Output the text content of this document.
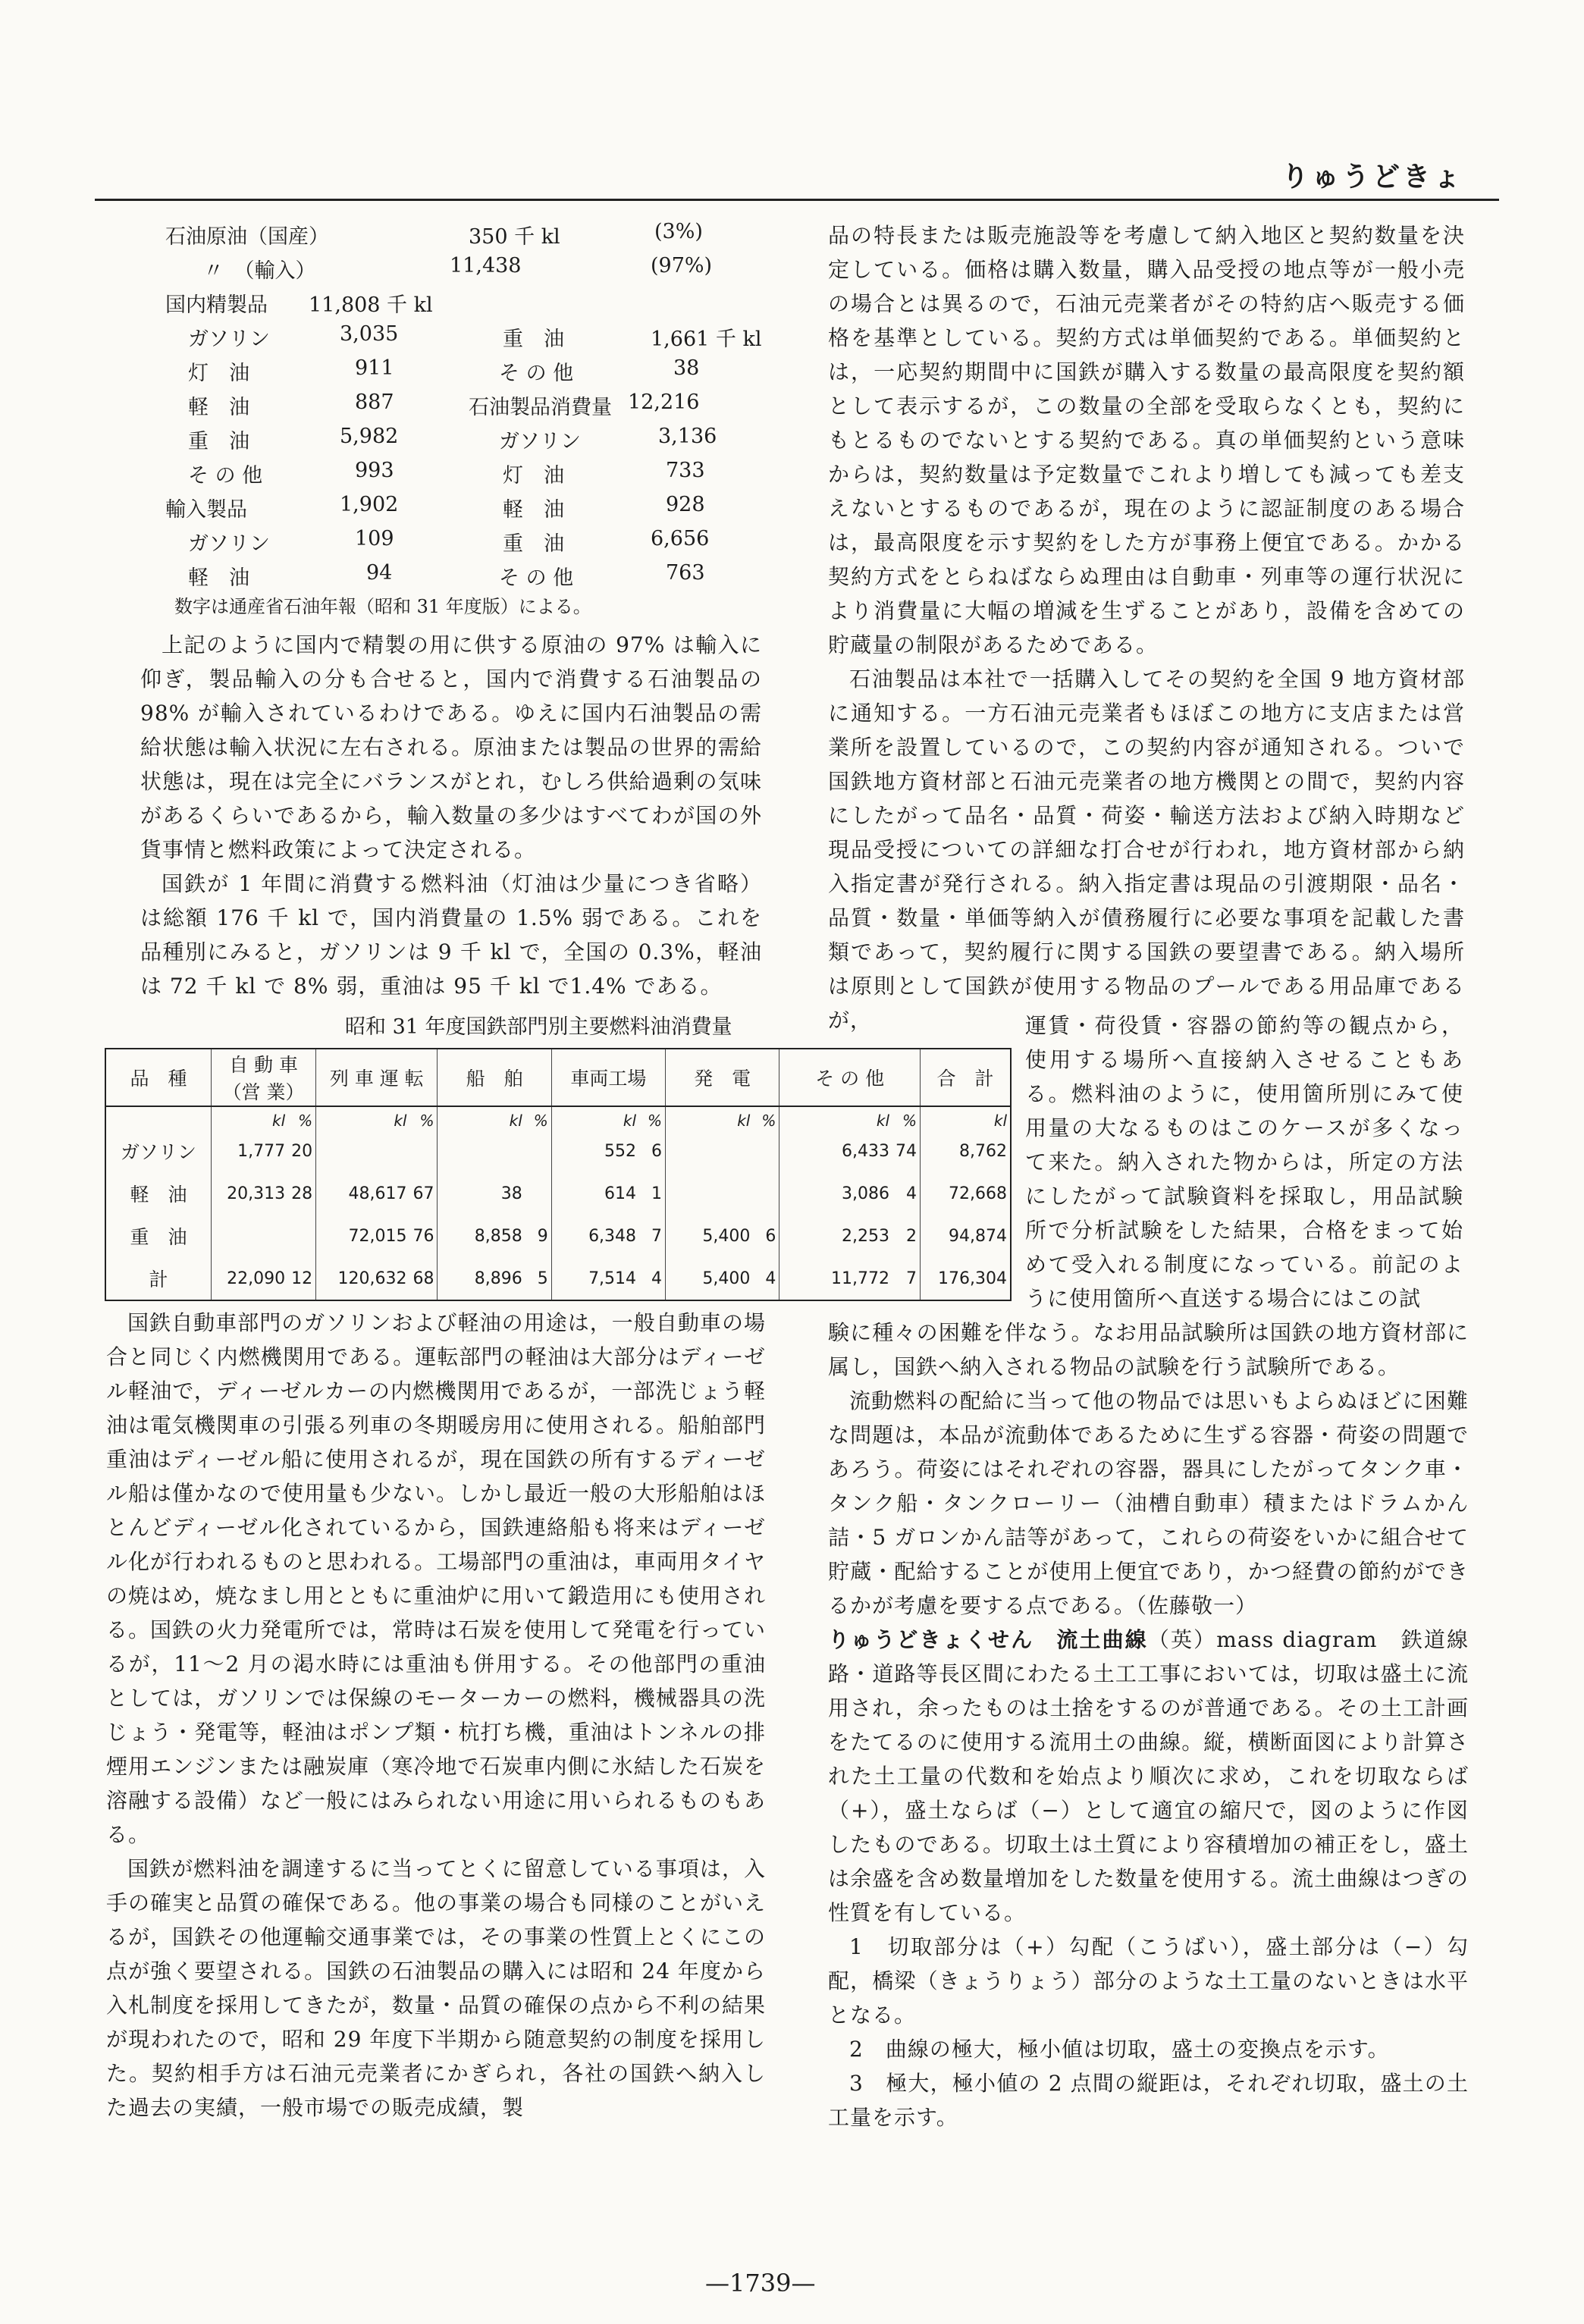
りゅうどきょ
石油原油（国産）	350 千 kl	(3%)
〃　（輸入）	11,438	(97%)
国内精製品　　11,808 千 kl
ガソリン	3,035	重　油	1,661 千 kl
灯　油	911	そ の 他	38
軽　油	887	石油製品消費量 12,216
重　油	5,982	ガソリン	3,136
そ の 他	993	灯　油	733
輸入製品	1,902	軽　油	928
ガソリン	109	重　油	6,656
軽　油	94	そ の 他	763
数字は通産省石油年報（昭和 31 年度版）による。

上記のように国内で精製の用に供する原油の 97% は輸入に仰ぎ，製品輸入の分も合せると，国内で消費する石油製品の 98% が輸入されているわけである。ゆえに国内石油製品の需給状態は輸入状況に左右される。原油または製品の世界的需給状態は，現在は完全にバランスがとれ，むしろ供給過剰の気味があるくらいであるから，輸入数量の多少はすべてわが国の外貨事情と燃料政策によって決定される。

国鉄が 1 年間に消費する燃料油（灯油は少量につき省略）は総額 176 千 kl で，国内消費量の 1.5% 弱である。これを品種別にみると，ガソリンは 9 千 kl で，全国の 0.3%，軽油は 72 千 kl で 8% 弱，重油は 95 千 kl で1.4% である。

昭和 31 年度国鉄部門別主要燃料油消費量
品　種	自 動 車（営 業）		列 車 運 転		船　舶		車両工場		発　電		そ の 他		合　計
	kl	%	kl	%	kl	%	kl	%	kl	%	kl	%	kl
ガソリン	1,777	20					552	6			6,433	74	8,762
軽　油	20,313	28	48,617	67	38		614	1			3,086	4	72,668
重　油			72,015	76	8,858	9	6,348	7	5,400	6	2,253	2	94,874
計	22,090	12	120,632	68	8,896	5	7,514	4	5,400	4	11,772	7	176,304

国鉄自動車部門のガソリンおよび軽油の用途は，一般自動車の場合と同じく内燃機関用である。運転部門の軽油は大部分はディーゼル軽油で，ディーゼルカーの内燃機関用であるが，一部洗じょう軽油は電気機関車の引張る列車の冬期暖房用に使用される。船舶部門重油はディーゼル船に使用されるが，現在国鉄の所有するディーゼル船は僅かなので使用量も少ない。しかし最近一般の大形船舶はほとんどディーゼル化されているから，国鉄連絡船も将来はディーゼル化が行われるものと思われる。工場部門の重油は，車両用タイヤの焼はめ，焼なまし用とともに重油炉に用いて鍛造用にも使用される。国鉄の火力発電所では，常時は石炭を使用して発電を行っているが，11〜2 月の渇水時には重油も併用する。その他部門の重油としては，ガソリンでは保線のモーターカーの燃料，機械器具の洗じょう・発電等，軽油はポンプ類・杭打ち機，重油はトンネルの排煙用エンジンまたは融炭庫（寒冷地で石炭車内側に氷結した石炭を溶融する設備）など一般にはみられない用途に用いられるものもある。

国鉄が燃料油を調達するに当ってとくに留意している事項は，入手の確実と品質の確保である。他の事業の場合も同様のことがいえるが，国鉄その他運輸交通事業では，その事業の性質上とくにこの点が強く要望される。国鉄の石油製品の購入には昭和 24 年度から入札制度を採用してきたが，数量・品質の確保の点から不利の結果が現われたので，昭和 29 年度下半期から随意契約の制度を採用した。契約相手方は石油元売業者にかぎられ，各社の国鉄へ納入した過去の実績，一般市場での販売成績，製

品の特長または販売施設等を考慮して納入地区と契約数量を決定している。価格は購入数量，購入品受授の地点等が一般小売の場合とは異るので，石油元売業者がその特約店へ販売する価格を基準としている。契約方式は単価契約である。単価契約とは，一応契約期間中に国鉄が購入する数量の最高限度を契約額として表示するが，この数量の全部を受取らなくとも，契約にもとるものでないとする契約である。真の単価契約という意味からは，契約数量は予定数量でこれより増しても減っても差支えないとするものであるが，現在のように認証制度のある場合は，最高限度を示す契約をした方が事務上便宜である。かかる契約方式をとらねばならぬ理由は自動車・列車等の運行状況により消費量に大幅の増減を生ずることがあり，設備を含めての貯蔵量の制限があるためである。

石油製品は本社で一括購入してその契約を全国 9 地方資材部に通知する。一方石油元売業者もほぼこの地方に支店または営業所を設置しているので，この契約内容が通知される。ついで国鉄地方資材部と石油元売業者の地方機関との間で，契約内容にしたがって品名・品質・荷姿・輸送方法および納入時期など現品受授についての詳細な打合せが行われ，地方資材部から納入指定書が発行される。納入指定書は現品の引渡期限・品名・品質・数量・単価等納入が債務履行に必要な事項を記載した書類であって，契約履行に関する国鉄の要望書である。納入場所は原則として国鉄が使用する物品のプールである用品庫であるが，	運賃・荷役賃・容器の節約等の観点から，使用する場所へ直接納入させることもある。燃料油のように，使用箇所別にみて使用量の大なるものはこのケースが多くなって来た。納入された物からは，所定の方法にしたがって試験資料を採取し，用品試験所で分析試験をした結果，合格をまって始めて受入れる制度になっている。前記のように使用箇所へ直送する場合にはこの試

験に種々の困難を伴なう。なお用品試験所は国鉄の地方資材部に属し，国鉄へ納入される物品の試験を行う試験所である。

流動燃料の配給に当って他の物品では思いもよらぬほどに困難な問題は，本品が流動体であるために生ずる容器・荷姿の問題であろう。荷姿にはそれぞれの容器，器具にしたがってタンク車・タンク船・タンクローリー（油槽自動車）積またはドラムかん詰・5 ガロンかん詰等があって，これらの荷姿をいかに組合せて貯蔵・配給することが使用上便宜であり，かつ経費の節約ができるかが考慮を要する点である。（佐藤敬一）

りゅうどきょくせん　流土曲線（英）mass diagram　鉄道線路・道路等長区間にわたる土工工事においては，切取は盛土に流用され，余ったものは土捨をするのが普通である。その土工計画をたてるのに使用する流用土の曲線。縦，横断面図により計算された土工量の代数和を始点より順次に求め，これを切取ならば（+），盛土ならば（−）として適宜の縮尺で，図のように作図したものである。切取土は土質により容積増加の補正をし，盛土は余盛を含め数量増加をした数量を使用する。流土曲線はつぎの性質を有している。

1　切取部分は（+）勾配（こうばい），盛土部分は（−）勾配，橋梁（きょうりょう）部分のような土工量のないときは水平となる。

2　曲線の極大，極小値は切取，盛土の変換点を示す。

3　極大，極小値の 2 点間の縦距は，それぞれ切取，盛土の土工量を示す。

—1739—
